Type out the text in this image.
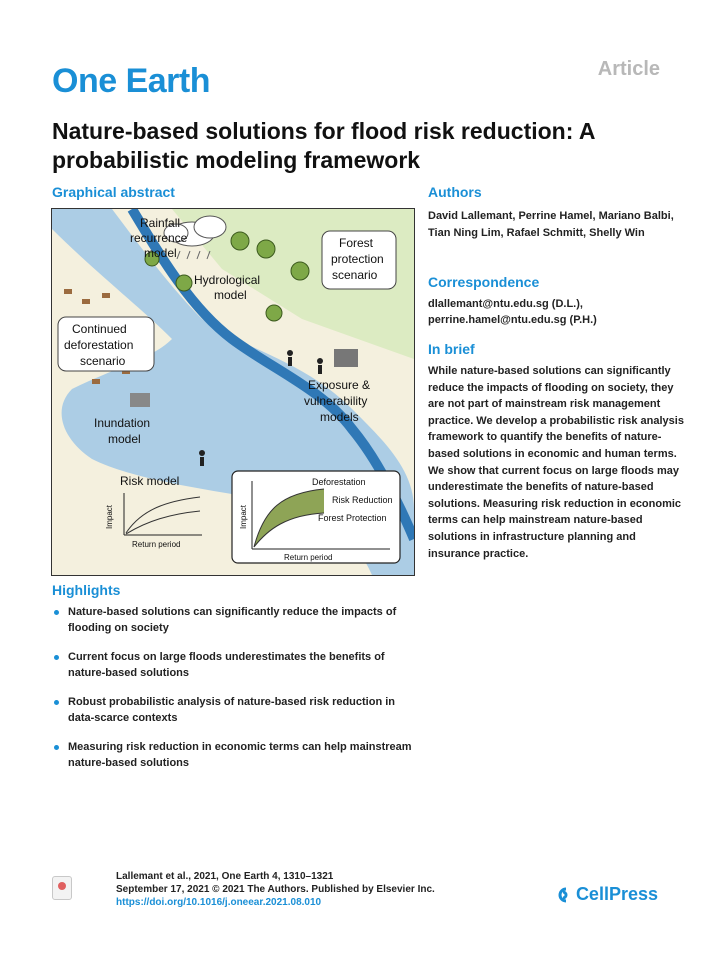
One Earth	Article
Nature-based solutions for flood risk reduction: A probabilistic modeling framework
Graphical abstract
Rainfall
recurrence
model
Forest
protection
scenario
Hydrological
model
Continued
deforestation
scenario
Exposure &
vulnerability
models
Inundation
model
Risk model
Impact
Return period
Deforestation
Risk Reduction
Forest Protection
Impact
Return period
Authors
David Lallemant, Perrine Hamel, Mariano Balbi, Tian Ning Lim, Rafael Schmitt, Shelly Win
Correspondence
dlallemant@ntu.edu.sg (D.L.),
perrine.hamel@ntu.edu.sg (P.H.)
In brief
While nature-based solutions can significantly reduce the impacts of flooding on society, they are not part of mainstream risk management practice. We develop a probabilistic risk analysis framework to quantify the benefits of nature-based solutions in economic and human terms. We show that current focus on large floods may underestimate the benefits of nature-based solutions. Measuring risk reduction in economic terms can help mainstream nature-based solutions in infrastructure planning and insurance practice.
Highlights
Nature-based solutions can significantly reduce the impacts of flooding on society
Current focus on large floods underestimates the benefits of nature-based solutions
Robust probabilistic analysis of nature-based risk reduction in data-scarce contexts
Measuring risk reduction in economic terms can help mainstream nature-based solutions
Lallemant et al., 2021, One Earth 4, 1310–1321
September 17, 2021 © 2021 The Authors. Published by Elsevier Inc.
https://doi.org/10.1016/j.oneear.2021.08.010	CellPress
